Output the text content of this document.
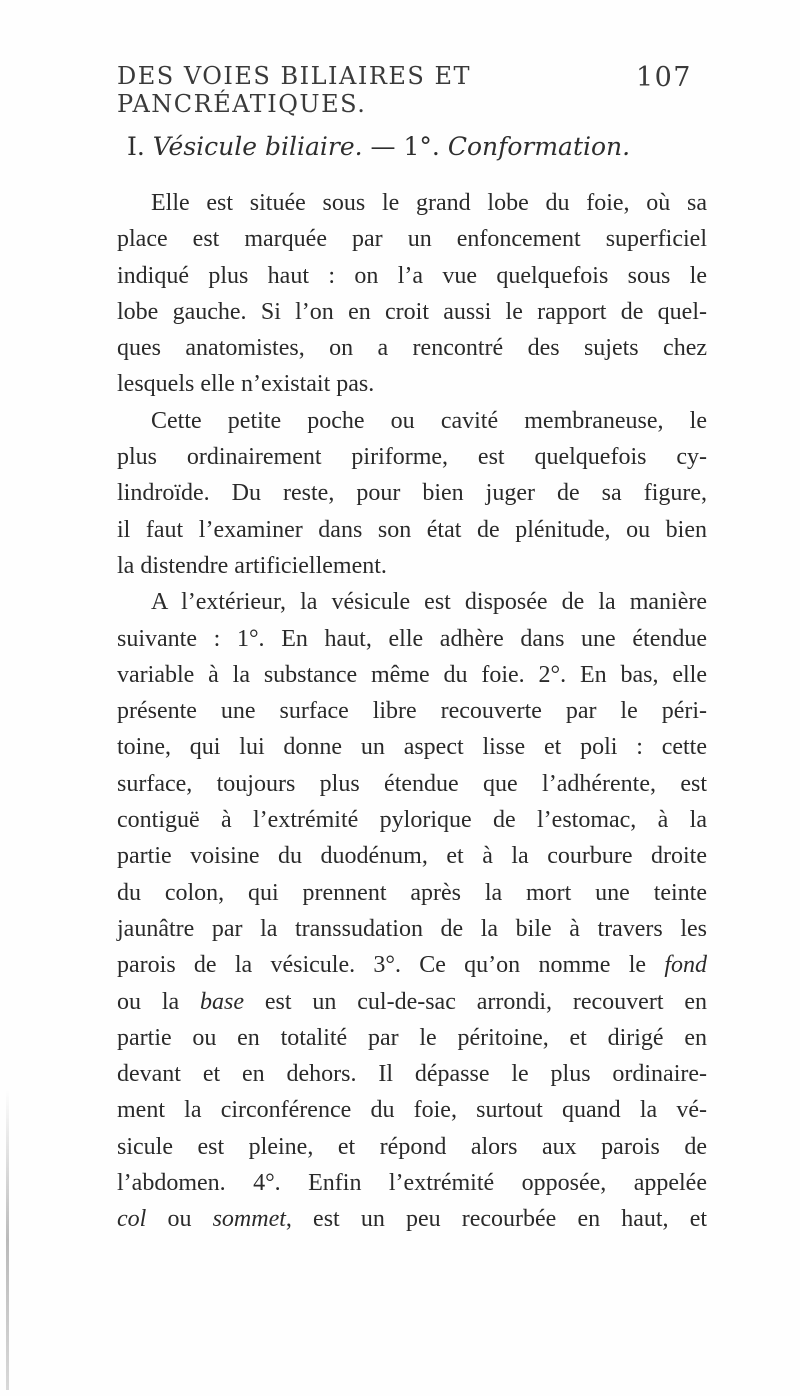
DES VOIES BILIAIRES ET PANCRÉATIQUES.
107
I. Vésicule biliaire. — 1°. Conformation.
Elle est située sous le grand lobe du foie, où sa
place est marquée par un enfoncement superficiel
indiqué plus haut : on l’a vue quelquefois sous le
lobe gauche. Si l’on en croit aussi le rapport de quel-
ques anatomistes, on a rencontré des sujets chez
lesquels elle n’existait pas.
Cette petite poche ou cavité membraneuse, le
plus ordinairement piriforme, est quelquefois cy-
lindroïde. Du reste, pour bien juger de sa figure,
il faut l’examiner dans son état de plénitude, ou bien
la distendre artificiellement.
A l’extérieur, la vésicule est disposée de la manière
suivante : 1°. En haut, elle adhère dans une étendue
variable à la substance même du foie. 2°. En bas, elle
présente une surface libre recouverte par le péri-
toine, qui lui donne un aspect lisse et poli : cette
surface, toujours plus étendue que l’adhérente, est
contiguë à l’extrémité pylorique de l’estomac, à la
partie voisine du duodénum, et à la courbure droite
du colon, qui prennent après la mort une teinte
jaunâtre par la transsudation de la bile à travers les
parois de la vésicule. 3°. Ce qu’on nomme le fond
ou la base est un cul-de-sac arrondi, recouvert en
partie ou en totalité par le péritoine, et dirigé en
devant et en dehors. Il dépasse le plus ordinaire-
ment la circonférence du foie, surtout quand la vé-
sicule est pleine, et répond alors aux parois de
l’abdomen. 4°. Enfin l’extrémité opposée, appelée
col ou sommet, est un peu recourbée en haut, et
